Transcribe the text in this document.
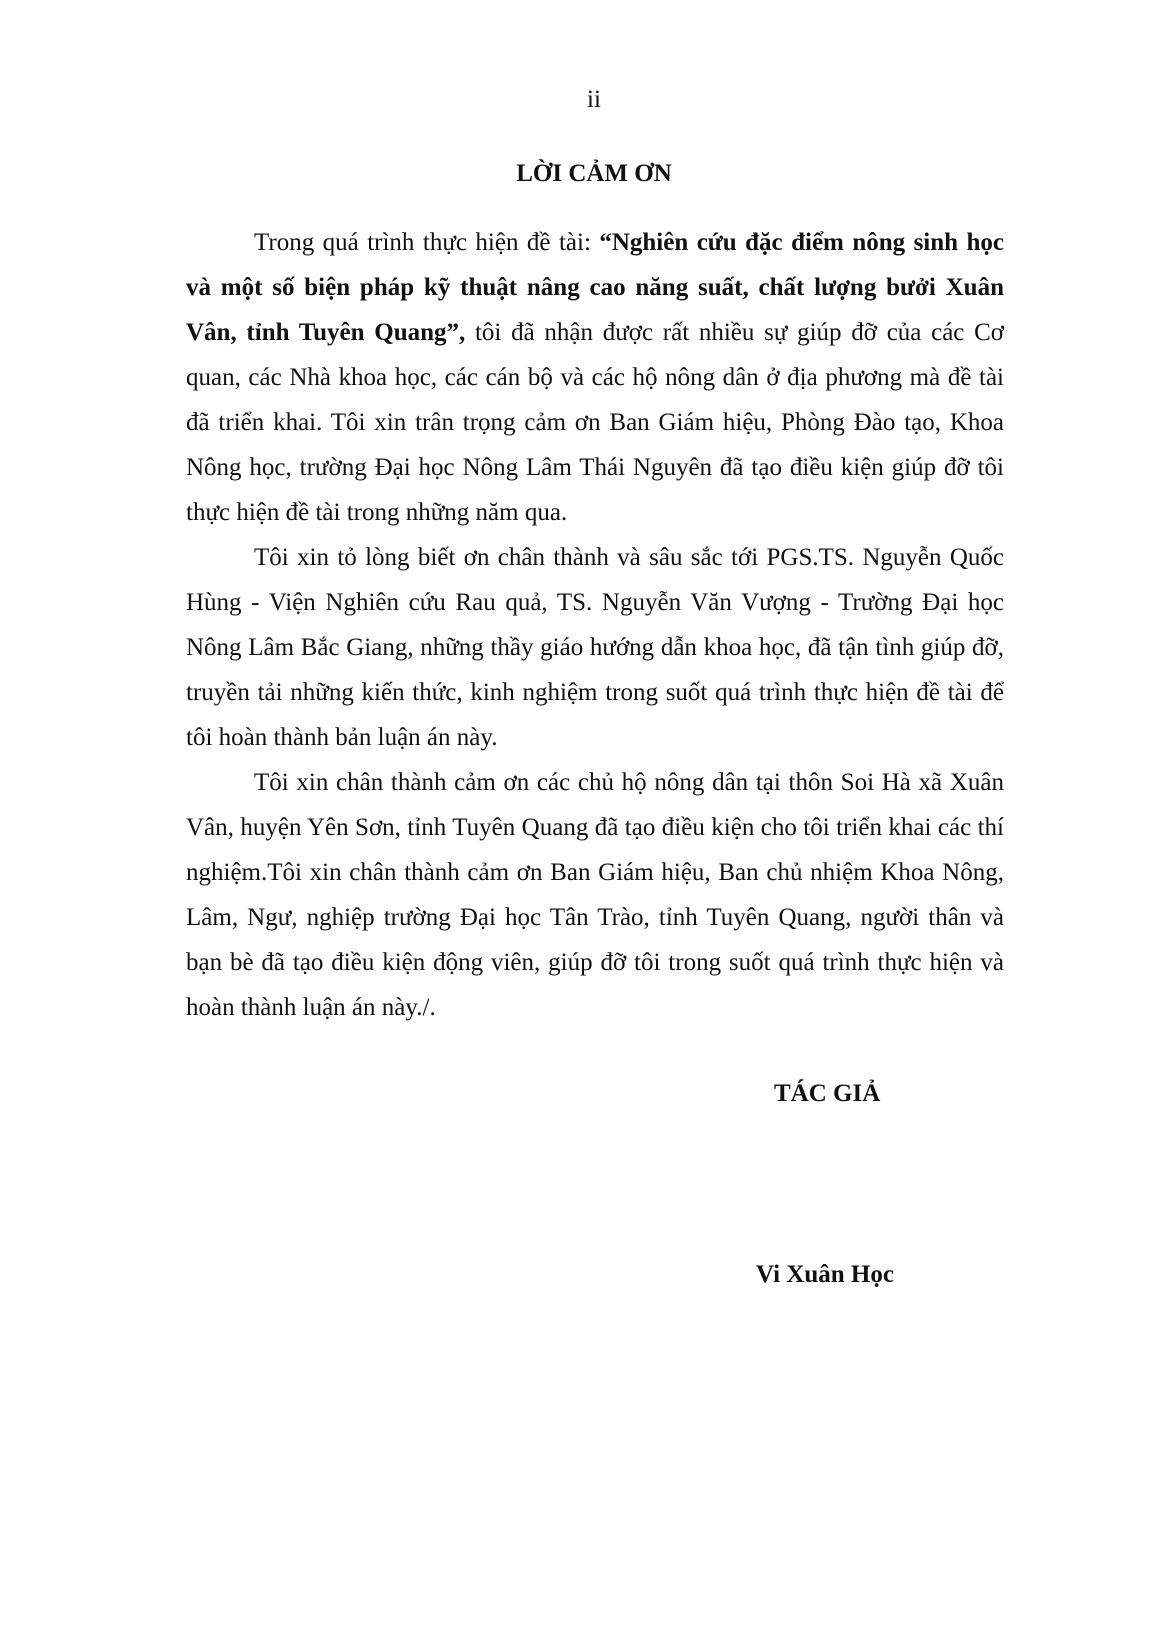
ii
LỜI CẢM ƠN

Trong quá trình thực hiện đề tài: “Nghiên cứu đặc điểm nông sinh học và một số biện pháp kỹ thuật nâng cao năng suất, chất lượng bưởi Xuân Vân, tỉnh Tuyên Quang”, tôi đã nhận được rất nhiều sự giúp đỡ của các Cơ quan, các Nhà khoa học, các cán bộ và các hộ nông dân ở địa phương mà đề tài đã triển khai. Tôi xin trân trọng cảm ơn Ban Giám hiệu, Phòng Đào tạo, Khoa Nông học, trường Đại học Nông Lâm Thái Nguyên đã tạo điều kiện giúp đỡ tôi thực hiện đề tài trong những năm qua.

Tôi xin tỏ lòng biết ơn chân thành và sâu sắc tới PGS.TS. Nguyễn Quốc Hùng - Viện Nghiên cứu Rau quả, TS. Nguyễn Văn Vượng - Trường Đại học Nông Lâm Bắc Giang, những thầy giáo hướng dẫn khoa học, đã tận tình giúp đỡ, truyền tải những kiến thức, kinh nghiệm trong suốt quá trình thực hiện đề tài để tôi hoàn thành bản luận án này.

Tôi xin chân thành cảm ơn các chủ hộ nông dân tại thôn Soi Hà xã Xuân Vân, huyện Yên Sơn, tỉnh Tuyên Quang đã tạo điều kiện cho tôi triển khai các thí nghiệm.Tôi xin chân thành cảm ơn Ban Giám hiệu, Ban chủ nhiệm Khoa Nông, Lâm, Ngư, nghiệp trường Đại học Tân Trào, tỉnh Tuyên Quang, người thân và bạn bè đã tạo điều kiện động viên, giúp đỡ tôi trong suốt quá trình thực hiện và hoàn thành luận án này./.

TÁC GIẢ
Vi Xuân Học
